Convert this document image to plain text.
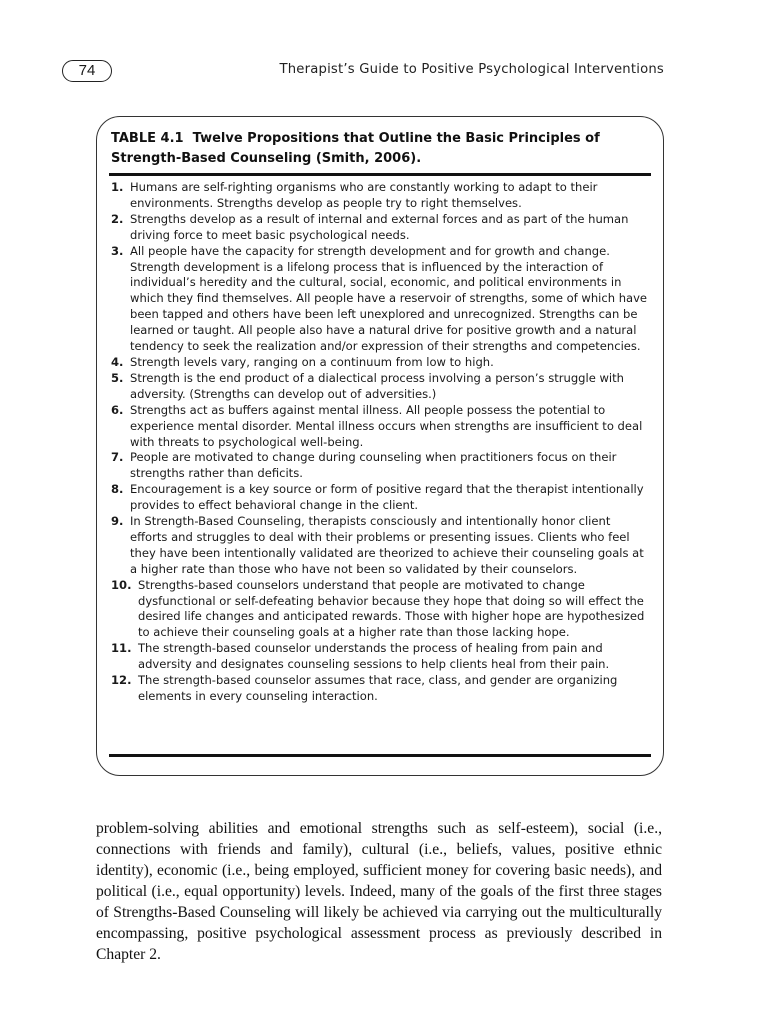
74	Therapist’s Guide to Positive Psychological Interventions
TABLE 4.1 Twelve Propositions that Outline the Basic Principles of Strength-Based Counseling (Smith, 2006).
1. Humans are self-righting organisms who are constantly working to adapt to their environments. Strengths develop as people try to right themselves.
2. Strengths develop as a result of internal and external forces and as part of the human driving force to meet basic psychological needs.
3. All people have the capacity for strength development and for growth and change. Strength development is a lifelong process that is influenced by the interaction of individual’s heredity and the cultural, social, economic, and political environments in which they find themselves. All people have a reservoir of strengths, some of which have been tapped and others have been left unexplored and unrecognized. Strengths can be learned or taught. All people also have a natural drive for positive growth and a natural tendency to seek the realization and/or expression of their strengths and competencies.
4. Strength levels vary, ranging on a continuum from low to high.
5. Strength is the end product of a dialectical process involving a person’s struggle with adversity. (Strengths can develop out of adversities.)
6. Strengths act as buffers against mental illness. All people possess the potential to experience mental disorder. Mental illness occurs when strengths are insufficient to deal with threats to psychological well-being.
7. People are motivated to change during counseling when practitioners focus on their strengths rather than deficits.
8. Encouragement is a key source or form of positive regard that the therapist intentionally provides to effect behavioral change in the client.
9. In Strength-Based Counseling, therapists consciously and intentionally honor client efforts and struggles to deal with their problems or presenting issues. Clients who feel they have been intentionally validated are theorized to achieve their counseling goals at a higher rate than those who have not been so validated by their counselors.
10. Strengths-based counselors understand that people are motivated to change dysfunctional or self-defeating behavior because they hope that doing so will effect the desired life changes and anticipated rewards. Those with higher hope are hypothesized to achieve their counseling goals at a higher rate than those lacking hope.
11. The strength-based counselor understands the process of healing from pain and adversity and designates counseling sessions to help clients heal from their pain.
12. The strength-based counselor assumes that race, class, and gender are organizing elements in every counseling interaction.

problem-solving abilities and emotional strengths such as self-esteem), social (i.e., connections with friends and family), cultural (i.e., beliefs, values, positive ethnic identity), economic (i.e., being employed, sufficient money for covering basic needs), and political (i.e., equal opportunity) levels. Indeed, many of the goals of the first three stages of Strengths-Based Counseling will likely be achieved via carrying out the multiculturally encompassing, positive psychological assessment process as previously described in Chapter 2.
